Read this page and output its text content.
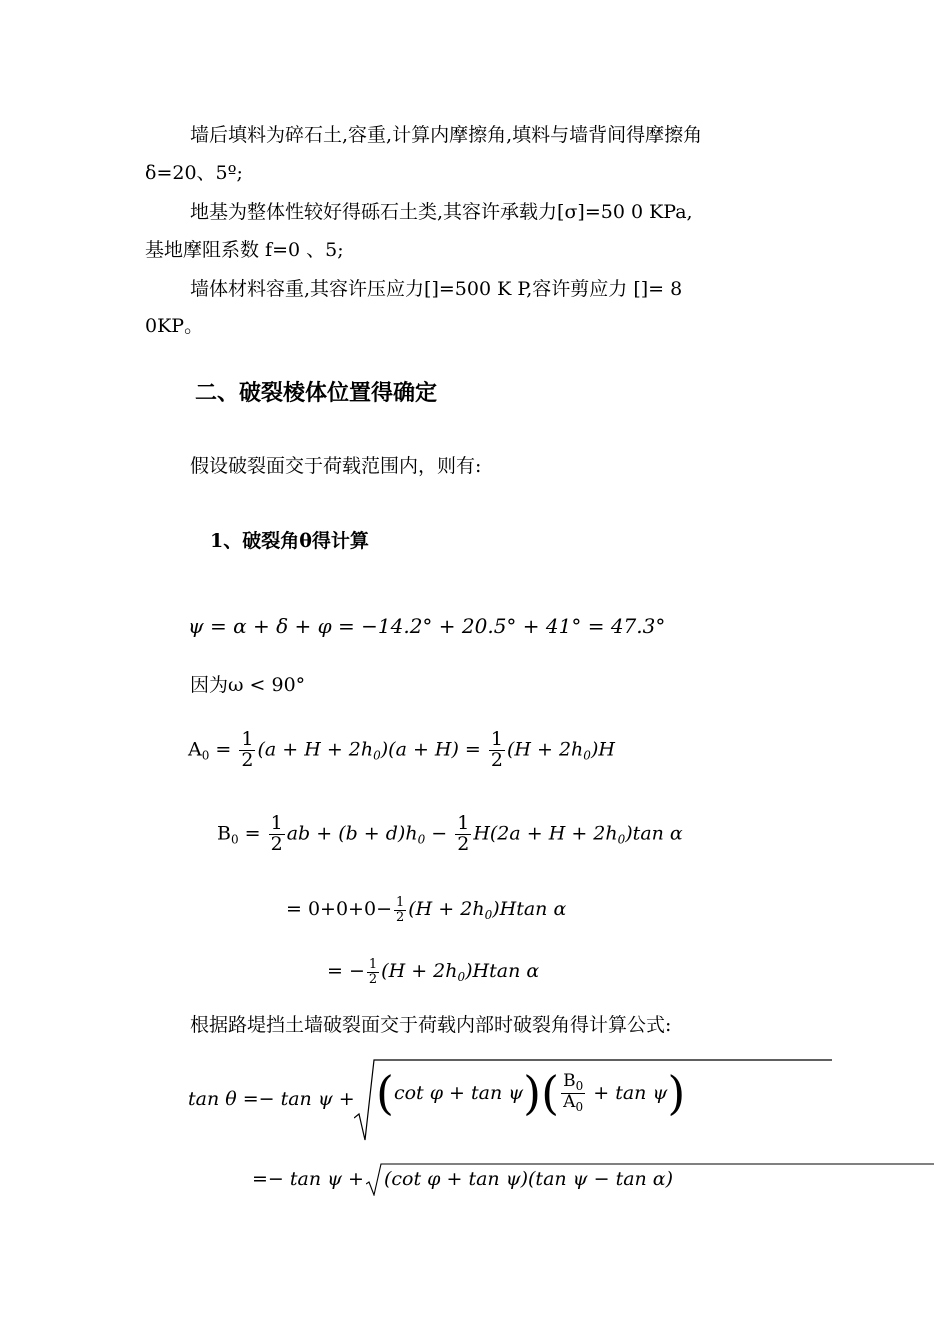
墙后填料为碎石土,容重,计算内摩擦角,填料与墙背间得摩擦角
δ=20、5º;
地基为整体性较好得砾石土类,其容许承载力[σ]=50 0 KPa,
基地摩阻系数 f=0 、5;
墙体材料容重,其容许压应力[]=500 K P,容许剪应力 []= 8
0KP。
二、破裂棱体位置得确定
假设破裂面交于荷载范围内，则有:
1、破裂角θ得计算
ψ = α + δ + φ = −14.2° + 20.5° + 41° = 47.3°
因为ω < 90°
$A_0 = \frac{1}{2} (a + H + 2h_0)(a + H) = \frac{1}{2} (H + 2h_0)H$
$B_0 = \frac{1}{2}$ ab + $(b + d)h_0 - \frac{1}{2} H(2a + H + 2h_0)\tan$ α
= $0+0+0- \frac{1}{2} (H + 2h_0)Htan$ α
= − $\frac{1}{2} (H + 2h_0)Htan$ α
根据路堤挡土墙破裂面交于荷载内部时破裂角得计算公式:
tan θ =− tan ψ + (cot $\varphi + \tan \psi)( \frac{B_0}{A_0} + \tan \psi)$
=− tan ψ + (cot φ + tan ψ)(tan ψ − tan α)
